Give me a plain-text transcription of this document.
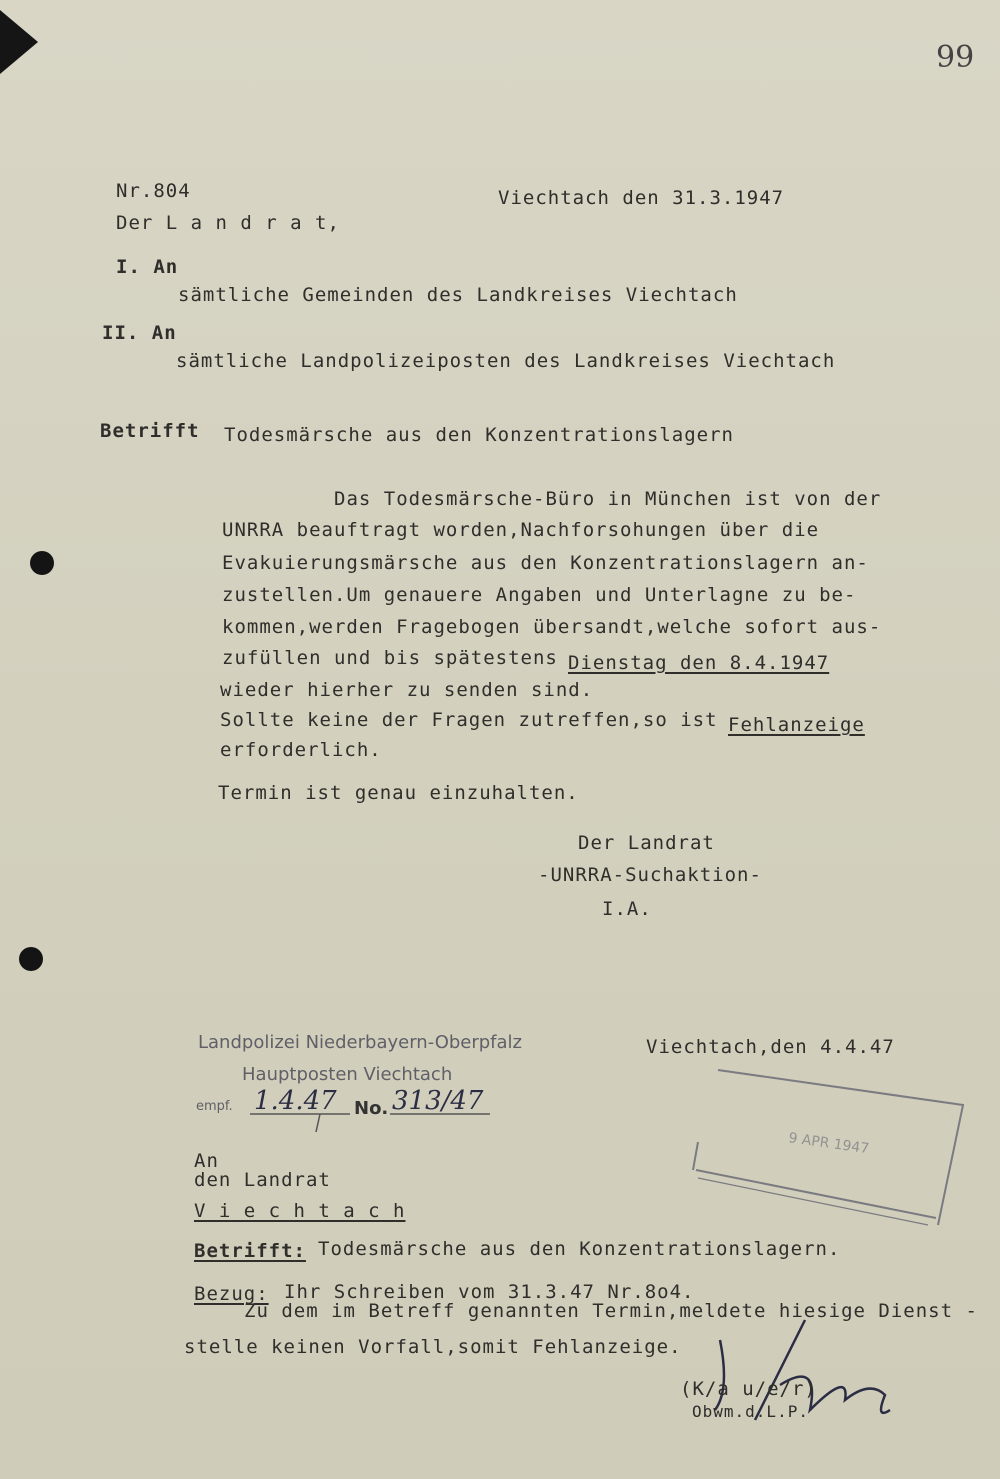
99
Nr.804
Der L a n d r a t,
Viechtach den 31.3.1947
I. An
sämtliche Gemeinden des Landkreises Viechtach
II. An
sämtliche Landpolizeiposten des Landkreises Viechtach
Betrifft Todesmärsche aus den Konzentrationslagern
Das Todesmärsche-Büro in München ist von der
UNRRA beauftragt worden,Nachforsohungen über die
Evakuierungsmärsche aus den Konzentrationslagern an-
zustellen.Um genauere Angaben und Unterlagne zu be-
kommen,werden Fragebogen übersandt,welche sofort aus-
zufüllen und bis spätestens Dienstag den 8.4.1947
wieder hierher zu senden sind.
Sollte keine der Fragen zutreffen,so ist Fehlanzeige
erforderlich.
Termin ist genau einzuhalten.
Der Landrat
-UNRRA-Suchaktion-
I.A.
Landpolizei Niederbayern-Oberpfalz
Hauptposten Viechtach
empf. 1.4.47 No. 313/47
Viechtach,den 4.4.47
An
den Landrat
V i e c h t a c h
9 APR 1947
Betrifft: Todesmärsche aus den Konzentrationslagern.
Bezug: Ihr Schreiben vom 31.3.47 Nr.8o4.
Zu dem im Betreff genannten Termin,meldete hiesige Dienst -
stelle keinen Vorfall,somit Fehlanzeige.
(K/a u/e/r)
Obwm.d.L.P.
